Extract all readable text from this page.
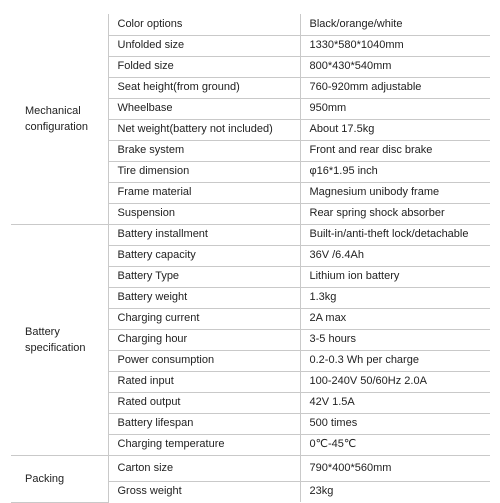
Mechanical configuration	Color options	Black/orange/white
	Unfolded size	1330*580*1040mm
	Folded size	800*430*540mm
	Seat height(from ground)	760-920mm adjustable
	Wheelbase	950mm
	Net weight(battery not included)	About 17.5kg
	Brake system	Front and rear disc brake
	Tire dimension	φ16*1.95 inch
	Frame material	Magnesium unibody frame
	Suspension	Rear spring shock absorber
Battery specification	Battery installment	Built-in/anti-theft lock/detachable
	Battery capacity	36V /6.4Ah
	Battery Type	Lithium ion battery
	Battery weight	1.3kg
	Charging current	2A max
	Charging hour	3-5 hours
	Power consumption	0.2-0.3 Wh per charge
	Rated input	100-240V 50/60Hz 2.0A
	Rated output	42V 1.5A
	Battery lifespan	500 times
	Charging temperature	0℃-45℃
Packing	Carton size	790*400*560mm
	Gross weight	23kg
